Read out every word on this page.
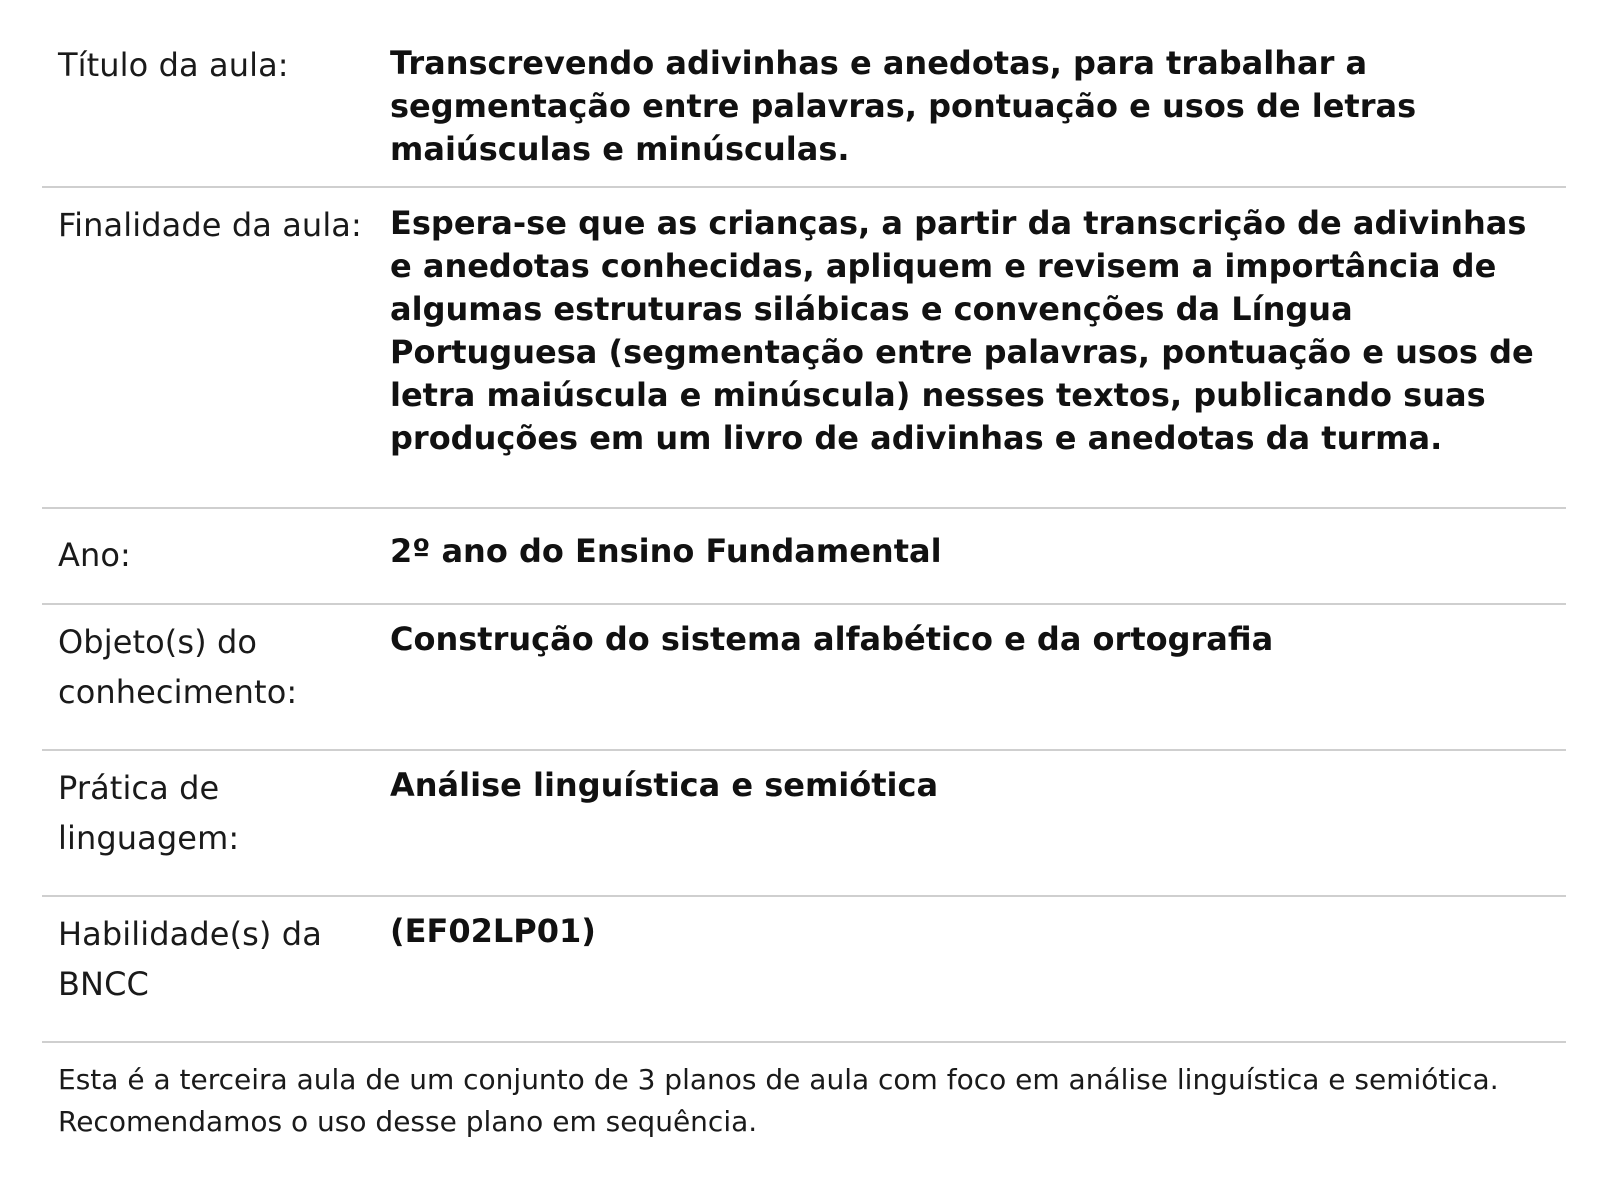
Título da aula:	Transcrevendo adivinhas e anedotas, para trabalhar a segmentação entre palavras, pontuação e usos de letras maiúsculas e minúsculas.
Finalidade da aula: Espera-se que as crianças, a partir da transcrição de adivinhas e anedotas conhecidas, apliquem e revisem a importância de algumas estruturas silábicas e convenções da Língua Portuguesa (segmentação entre palavras, pontuação e usos de letra maiúscula e minúscula) nesses textos, publicando suas produções em um livro de adivinhas e anedotas da turma.
Ano:	2º ano do Ensino Fundamental
Objeto(s) do conhecimento:
Construção do sistema alfabético e da ortografia
Prática de linguagem:
Análise linguística e semiótica
Habilidade(s) da BNCC
(EF02LP01)
Esta é a terceira aula de um conjunto de 3 planos de aula com foco em análise linguística e semiótica. Recomendamos o uso desse plano em sequência.
